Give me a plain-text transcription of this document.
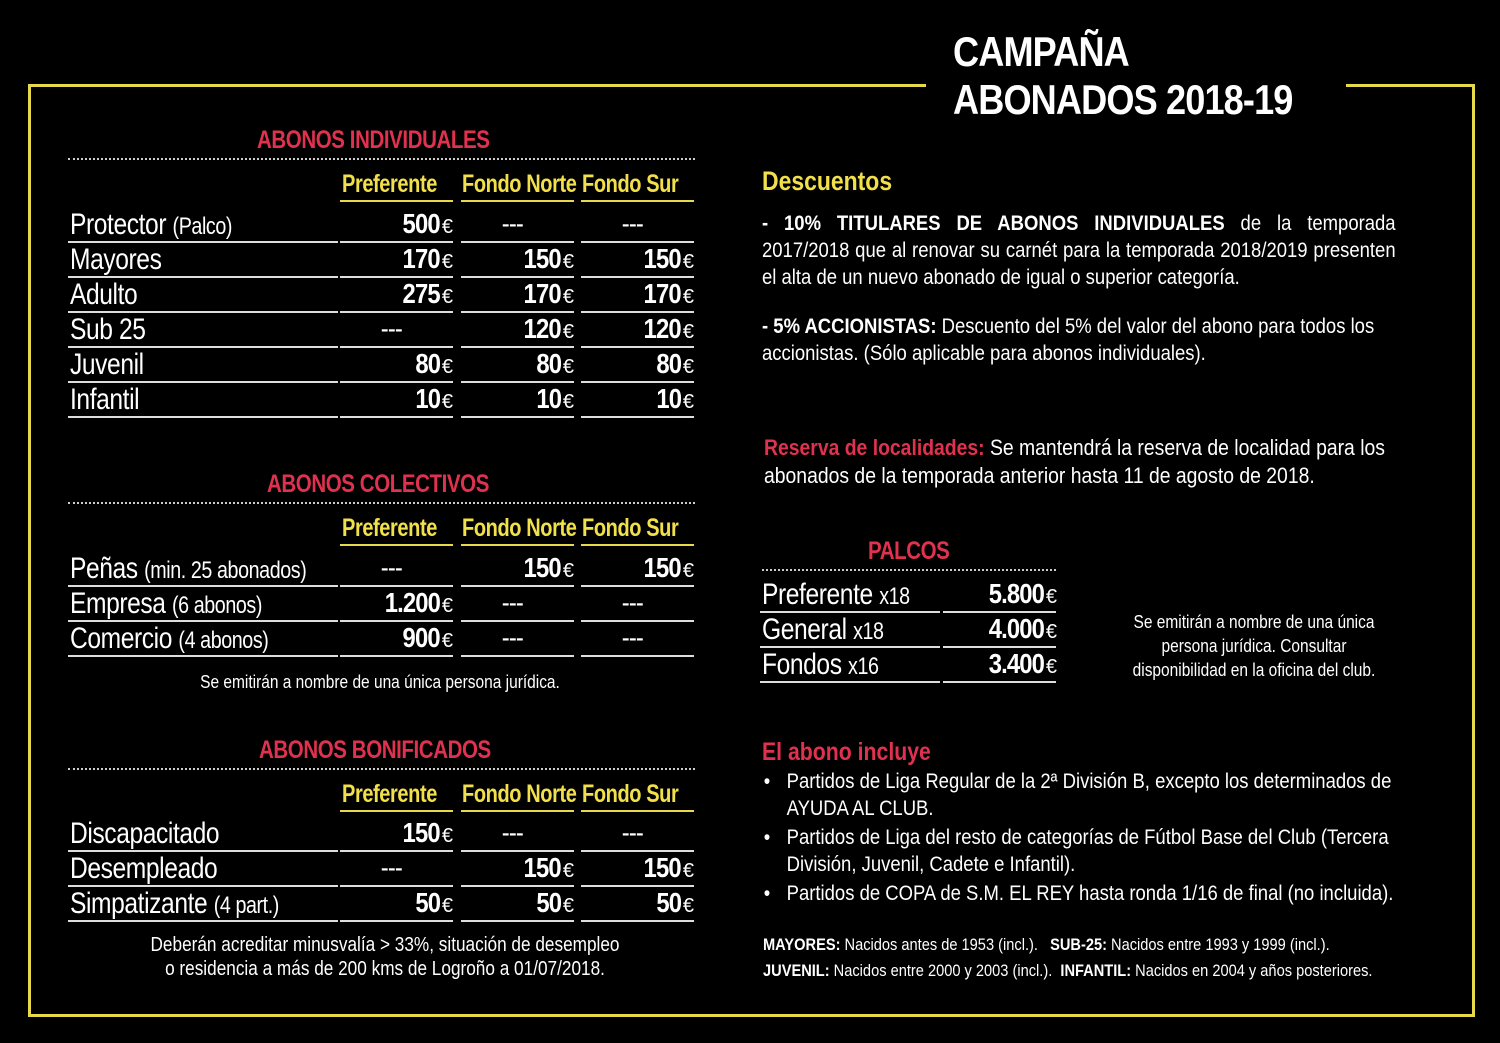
CAMPAÑA
ABONADOS 2018-19
ABONOS INDIVIDUALES
Preferente Fondo Norte Fondo Sur
Protector (Palco)	500 €	---	---
Mayores	170 €	150 €	150 €
Adulto	275 €	170 €	170 €
Sub 25	---	120 €	120 €
Juvenil	80 €	80 €	80 €
Infantil	10 €	10 €	10 €
ABONOS COLECTIVOS
Preferente Fondo Norte Fondo Sur
Peñas (min. 25 abonados)	---	150 €	150 €
Empresa (6 abonos)	1.200 €	---	---
Comercio (4 abonos)	900 €	---	---
ABONOS BONIFICADOS
Preferente Fondo Norte Fondo Sur
Discapacitado	150 €	---	---
Desempleado	---	150 €	150 €
Simpatizante (4 part.)	50 €	50 €	50 €
Se emitirán a nombre de una única persona jurídica.
Deberán acreditar minusvalía > 33%, situación de desempleo
o residencia a más de 200 kms de Logroño a 01/07/2018.
Descuentos
- 10% TITULARES DE ABONOS INDIVIDUALES de la temporada 2017/2018 que al renovar su carnét para la temporada 2018/2019 presenten el alta de un nuevo abonado de igual o superior categoría.
- 5% ACCIONISTAS: Descuento del 5% del valor del abono para todos los accionistas. (Sólo aplicable para abonos individuales).
Reserva de localidades: Se mantendrá la reserva de localidad para los abonados de la temporada anterior hasta 11 de agosto de 2018.
PALCOS
Preferente x18	5.800 €
General x18	4.000 €
Fondos x16	3.400 €
Se emitirán a nombre de una única
persona jurídica. Consultar
disponibilidad en la oficina del club.
El abono incluye
• Partidos de Liga Regular de la 2ª División B, excepto los determinados de AYUDA AL CLUB.
• Partidos de Liga del resto de categorías de Fútbol Base del Club (Tercera División, Juvenil, Cadete e Infantil).
• Partidos de COPA de S.M. EL REY hasta ronda 1/16 de final (no incluida).
MAYORES: Nacidos antes de 1953 (incl.). SUB-25: Nacidos entre 1993 y 1999 (incl.).
JUVENIL: Nacidos entre 2000 y 2003 (incl.). INFANTIL: Nacidos en 2004 y años posteriores.
